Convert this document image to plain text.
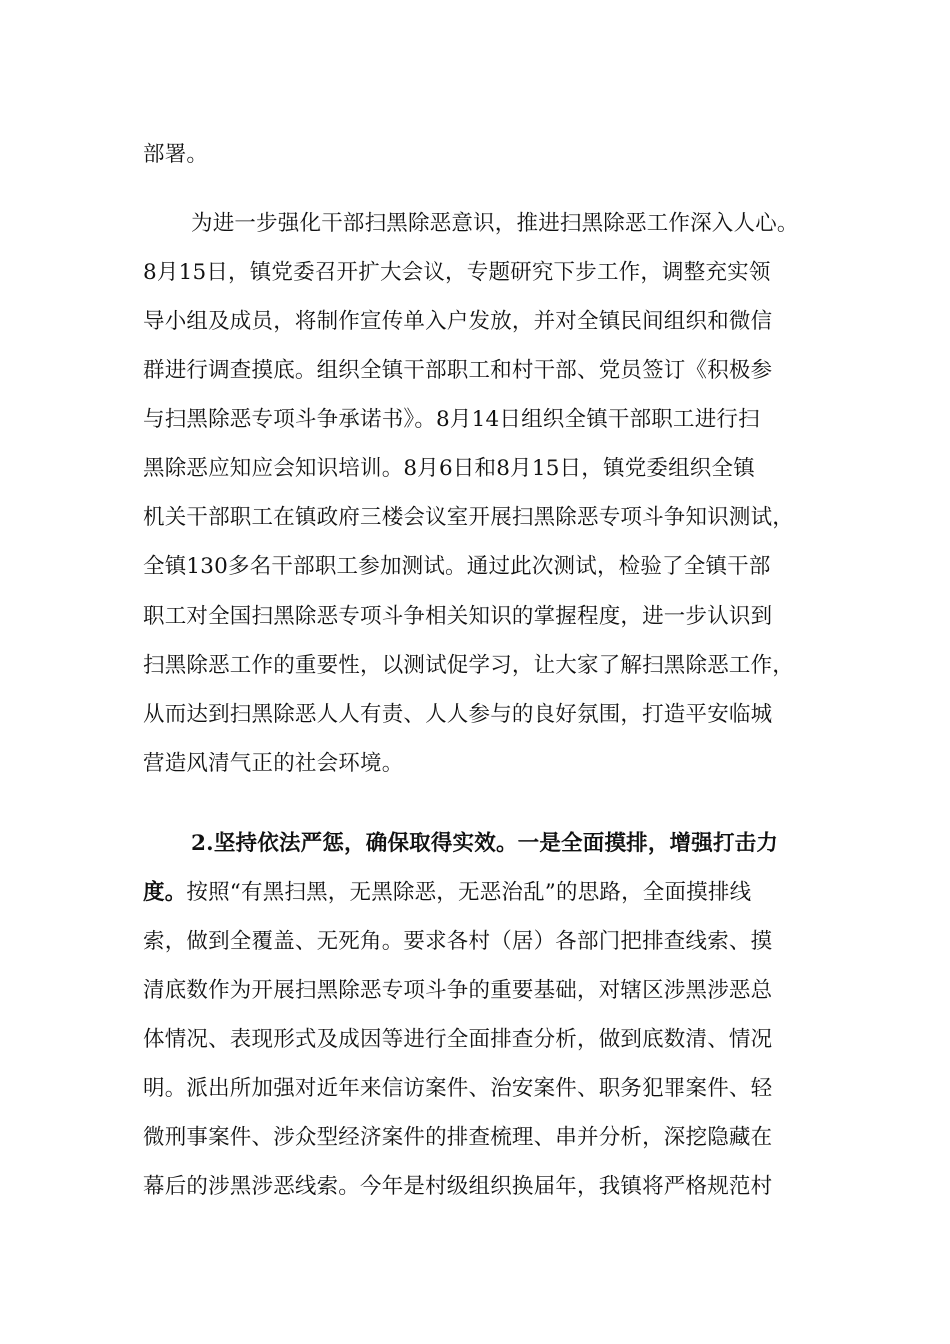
部署。
为进一步强化干部扫黑除恶意识，推进扫黑除恶工作深入人心。
8月15日，镇党委召开扩大会议，专题研究下步工作，调整充实领
导小组及成员，将制作宣传单入户发放，并对全镇民间组织和微信
群进行调查摸底。组织全镇干部职工和村干部、党员签订《积极参
与扫黑除恶专项斗争承诺书》。8月14日组织全镇干部职工进行扫
黑除恶应知应会知识培训。8月6日和8月15日，镇党委组织全镇
机关干部职工在镇政府三楼会议室开展扫黑除恶专项斗争知识测试，
全镇130多名干部职工参加测试。通过此次测试，检验了全镇干部
职工对全国扫黑除恶专项斗争相关知识的掌握程度，进一步认识到
扫黑除恶工作的重要性，以测试促学习，让大家了解扫黑除恶工作，
从而达到扫黑除恶人人有责、人人参与的良好氛围，打造平安临城
营造风清气正的社会环境。
2.坚持依法严惩，确保取得实效。一是全面摸排，增强打击力
度。按照“有黑扫黑，无黑除恶，无恶治乱”的思路，全面摸排线
索，做到全覆盖、无死角。要求各村（居）各部门把排查线索、摸
清底数作为开展扫黑除恶专项斗争的重要基础，对辖区涉黑涉恶总
体情况、表现形式及成因等进行全面排查分析，做到底数清、情况
明。派出所加强对近年来信访案件、治安案件、职务犯罪案件、轻
微刑事案件、涉众型经济案件的排查梳理、串并分析，深挖隐藏在
幕后的涉黑涉恶线索。今年是村级组织换届年，我镇将严格规范村
